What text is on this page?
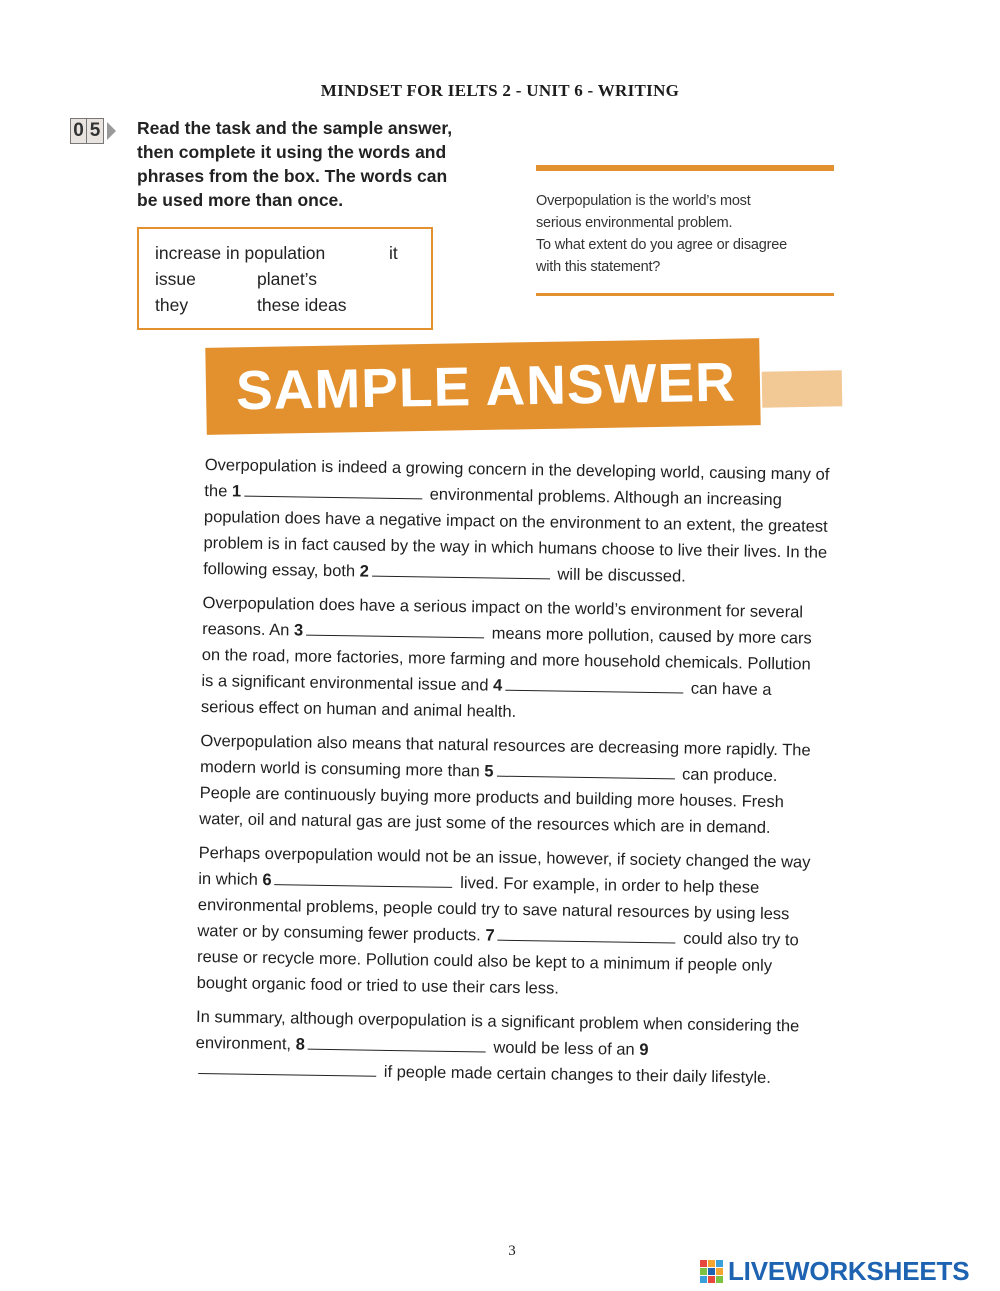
MINDSET FOR IELTS 2 - UNIT 6 - WRITING
0 5 Read the task and the sample answer, then complete it using the words and phrases from the box. The words can be used more than once.
increase in population	it
issue	planet’s
they	these ideas

Overpopulation is the world’s most

serious environmental problem.

To what extent do you agree or disagree

with this statement?

SAMPLE ANSWER

Overpopulation is indeed a growing concern in the developing world, causing many of the 1	environmental problems. Although an increasing population does have a negative impact on the environment to an extent, the greatest problem is in fact caused by the way in which humans choose to live their lives. In the following essay, both 2	will be discussed.

Overpopulation does have a serious impact on the world’s environment for several reasons. An 3	means more pollution, caused by more cars on the road, more factories, more farming and more household chemicals. Pollution is a significant environmental issue and 4	can have a serious effect on human and animal health.

Overpopulation also means that natural resources are decreasing more rapidly. The modern world is consuming more than 5	can produce. People are continuously buying more products and building more houses. Fresh water, oil and natural gas are just some of the resources which are in demand.

Perhaps overpopulation would not be an issue, however, if society changed the way in which 6	lived. For example, in order to help these environmental problems, people could try to save natural resources by using less water or by consuming fewer products. 7	could also try to reuse or recycle more. Pollution could also be kept to a minimum if people only bought organic food or tried to use their cars less.

In summary, although overpopulation is a significant problem when considering the environment, 8	would be less of an 9 if people made certain changes to their daily lifestyle.

3
LIVEWORKSHEETS
